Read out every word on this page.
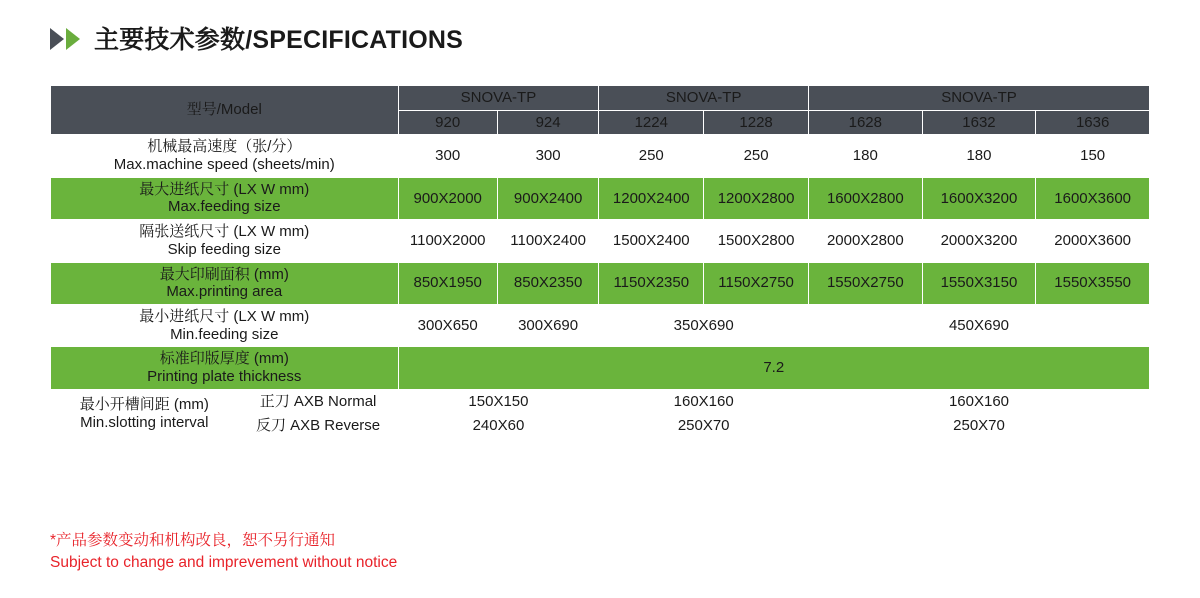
主要技术参数/SPECIFICATIONS
型号/Model		SNOVA-TP		SNOVA-TP		SNOVA-TP		
		920	924	1224	1228	1628	1632	1636

机械最高速度（张/分）
Max.machine speed (sheets/min)		300	300	250	250	180	180	150

最大进纸尺寸 (LX W mm)
Max.feeding size		900X2000	900X2400	1200X2400	1200X2800	1600X2800	1600X3200	1600X3600

隔张送纸尺寸 (LX W mm)
Skip feeding size		1100X2000	1100X2400	1500X2400	1500X2800	2000X2800	2000X3200	2000X3600

最大印刷面积 (mm)
Max.printing area		850X1950	850X2350	1150X2350	1150X2750	1550X2750	1550X3150	1550X3550

最小进纸尺寸 (LX W mm)
Min.feeding size		300X650	300X690	350X690		450X690		

标准印版厚度 (mm)
Printing plate thickness		7.2						

最小开槽间距 (mm)
Min.slotting interval	正刀 AXB Normal	150X150		160X160		160X160		
	反刀 AXB Reverse	240X60		250X70		250X70		
*产品参数变动和机构改良，恕不另行通知
Subject to change and imprevement without notice
